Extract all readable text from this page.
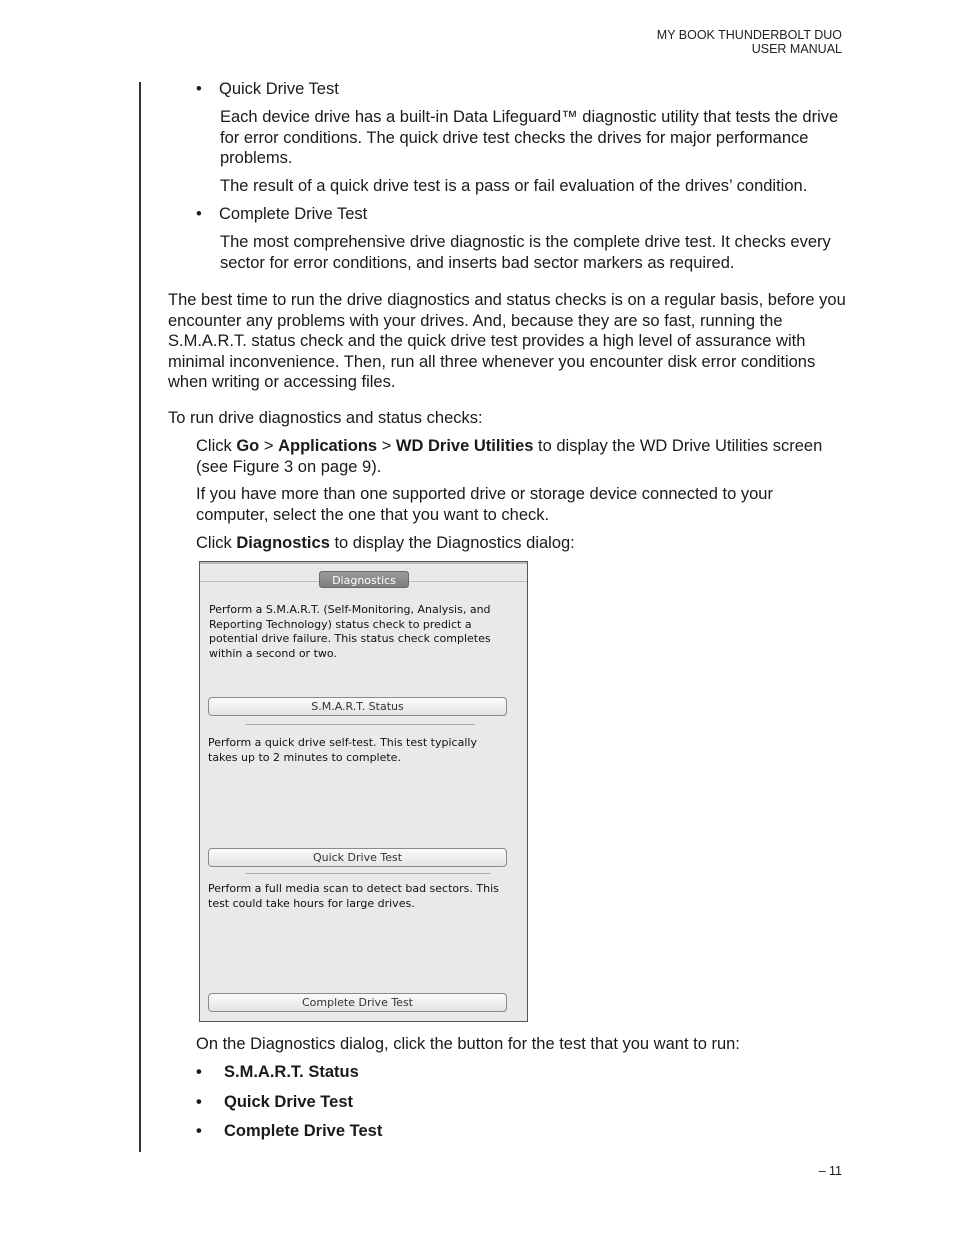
MY BOOK THUNDERBOLT DUO
USER MANUAL
•	Quick Drive Test

Each device drive has a built-in Data Lifeguard™ diagnostic utility that tests the drive for error conditions. The quick drive test checks the drives for major performance problems.

The result of a quick drive test is a pass or fail evaluation of the drives’ condition.

•	Complete Drive Test

The most comprehensive drive diagnostic is the complete drive test. It checks every sector for error conditions, and inserts bad sector markers as required.

The best time to run the drive diagnostics and status checks is on a regular basis, before you encounter any problems with your drives. And, because they are so fast, running the S.M.A.R.T. status check and the quick drive test provides a high level of assurance with minimal inconvenience. Then, run all three whenever you encounter disk error conditions when writing or accessing files.

To run drive diagnostics and status checks:

Click Go > Applications > WD Drive Utilities to display the WD Drive Utilities screen (see Figure 3 on page 9).

If you have more than one supported drive or storage device connected to your computer, select the one that you want to check.

Click Diagnostics to display the Diagnostics dialog:

Diagnostics
Perform a S.M.A.R.T. (Self-Monitoring, Analysis, and Reporting Technology) status check to predict a potential drive failure. This status check completes within a second or two.
S.M.A.R.T. Status
Perform a quick drive self-test. This test typically takes up to 2 minutes to complete.
Quick Drive Test
Perform a full media scan to detect bad sectors. This test could take hours for large drives.
Complete Drive Test

On the Diagnostics dialog, click the button for the test that you want to run:

•	S.M.A.R.T. Status
•	Quick Drive Test
•	Complete Drive Test
– 11
